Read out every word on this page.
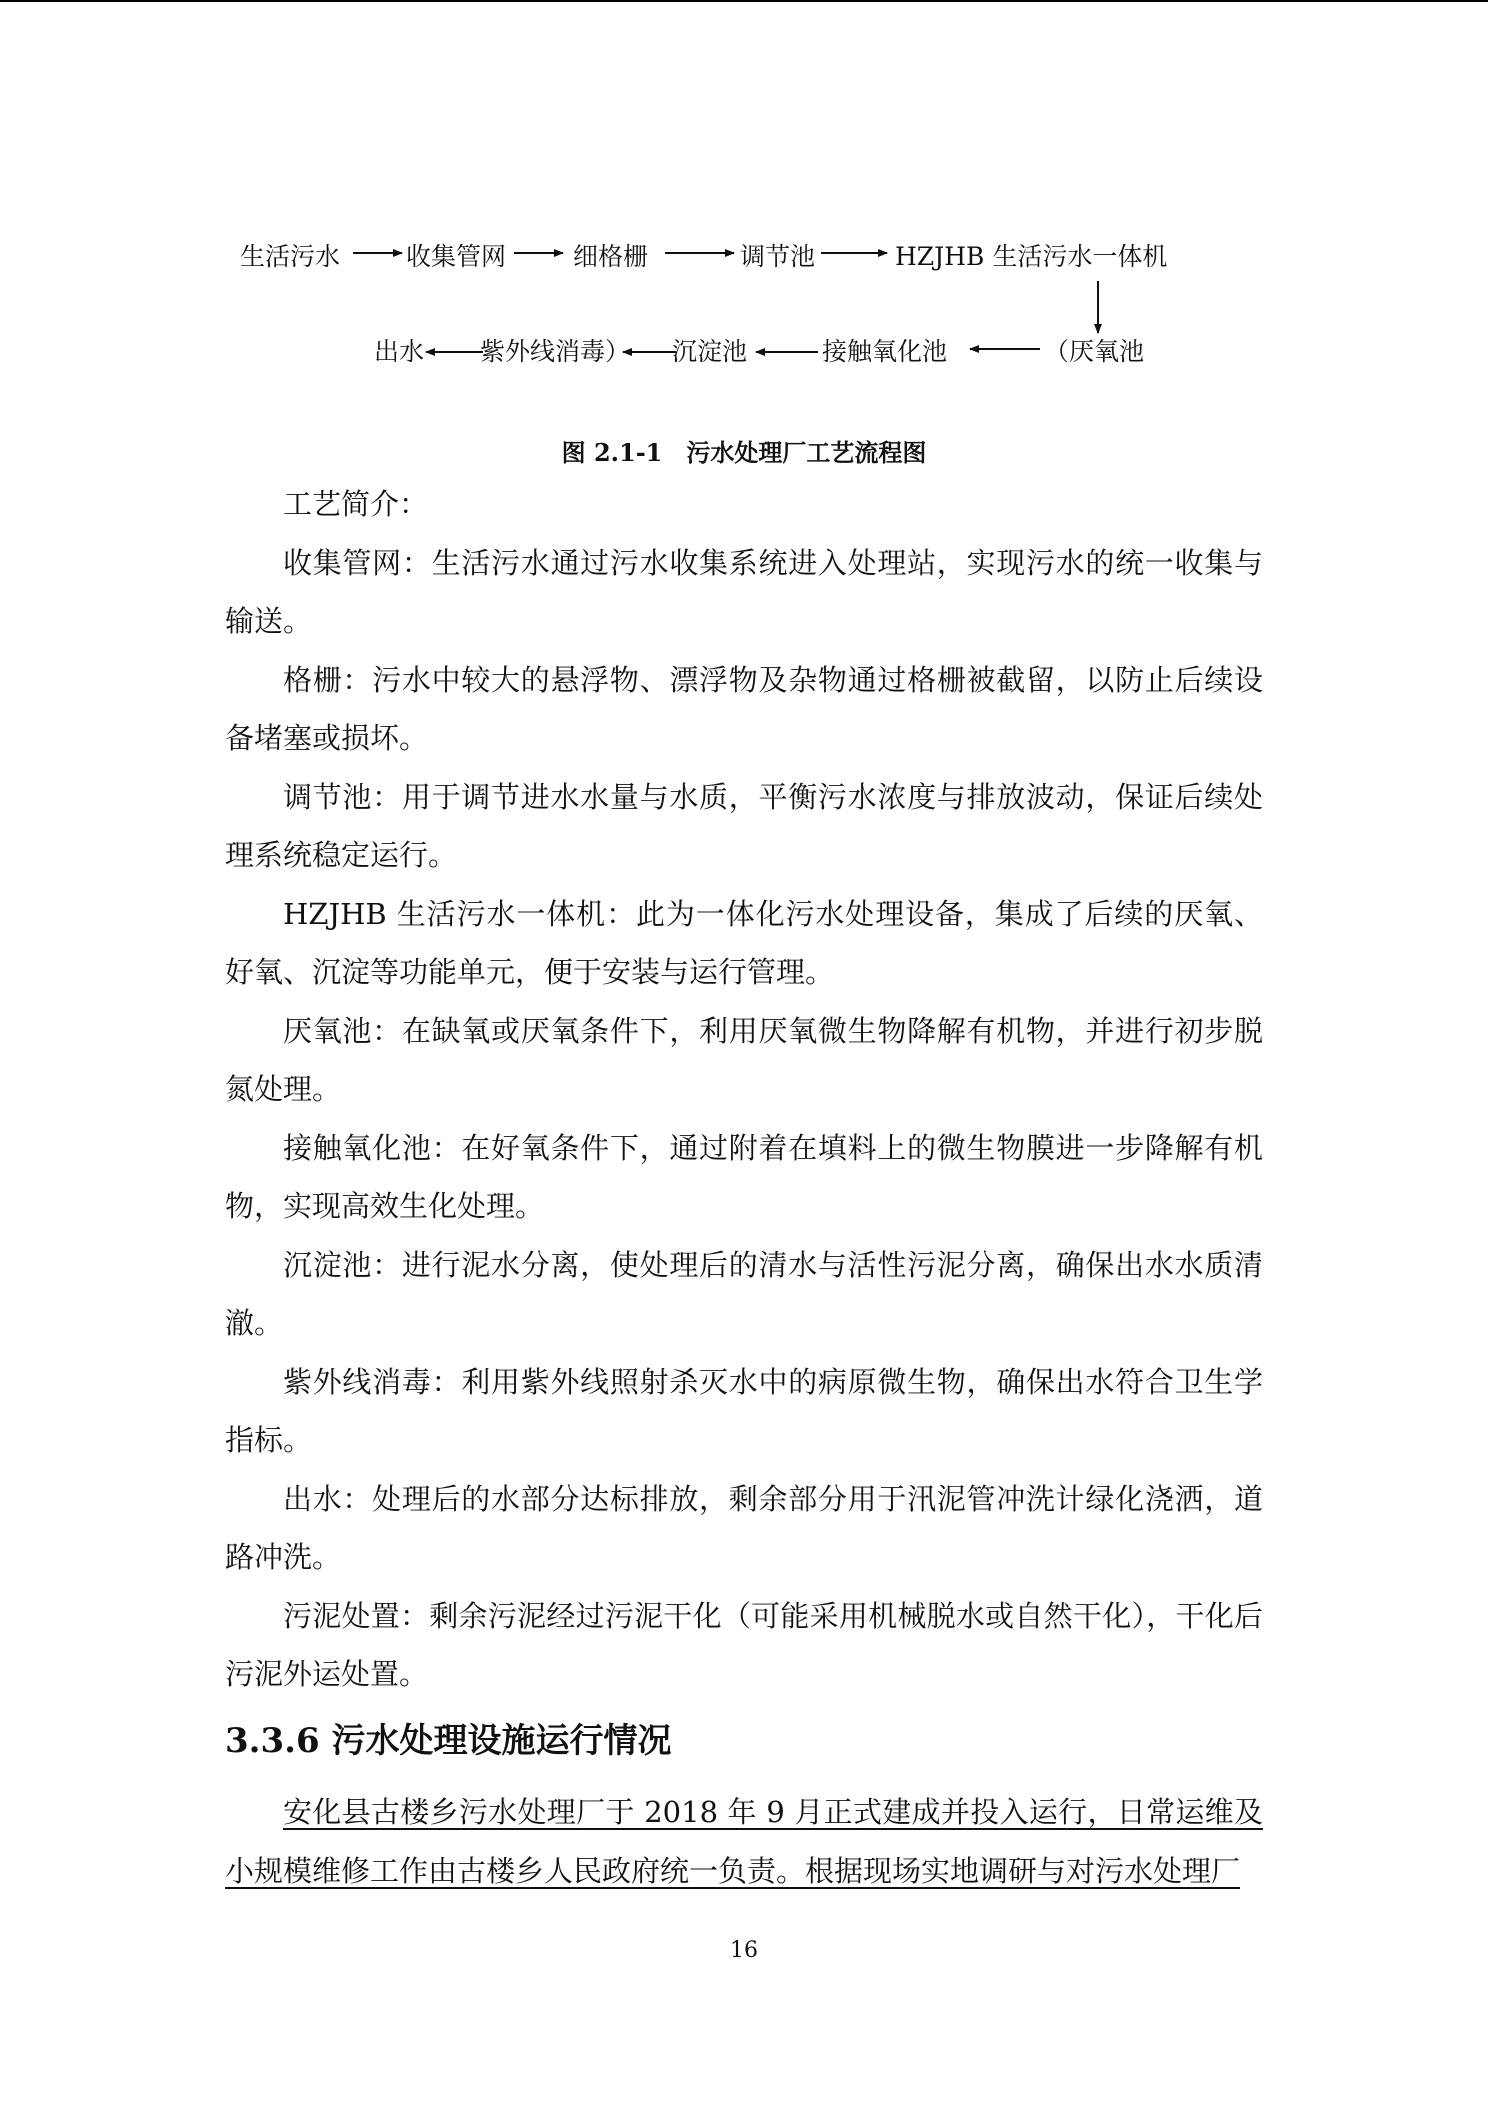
生活污水	收集管网	细格栅	调节池	HZJHB 生活污水一体机
出水 紫外线消毒） 沉淀池	接触氧化池	（厌氧池
图 2.1-1　污水处理厂工艺流程图

工艺简介：

收集管网：生活污水通过污水收集系统进入处理站，实现污水的统一收集与输送。

格栅：污水中较大的悬浮物、漂浮物及杂物通过格栅被截留，以防止后续设备堵塞或损坏。

调节池：用于调节进水水量与水质，平衡污水浓度与排放波动，保证后续处理系统稳定运行。

HZJHB 生活污水一体机：此为一体化污水处理设备，集成了后续的厌氧、好氧、沉淀等功能单元，便于安装与运行管理。

厌氧池：在缺氧或厌氧条件下，利用厌氧微生物降解有机物，并进行初步脱氮处理。

接触氧化池：在好氧条件下，通过附着在填料上的微生物膜进一步降解有机物，实现高效生化处理。

沉淀池：进行泥水分离，使处理后的清水与活性污泥分离，确保出水水质清澈。

紫外线消毒：利用紫外线照射杀灭水中的病原微生物，确保出水符合卫生学指标。

出水：处理后的水部分达标排放，剩余部分用于汛泥管冲洗计绿化浇洒，道路冲洗。

污泥处置：剩余污泥经过污泥干化（可能采用机械脱水或自然干化），干化后污泥外运处置。

3.3.6 污水处理设施运行情况

安化县古楼乡污水处理厂于 2018 年 9 月正式建成并投入运行，日常运维及小规模维修工作由古楼乡人民政府统一负责。根据现场实地调研与对污水处理厂

16
